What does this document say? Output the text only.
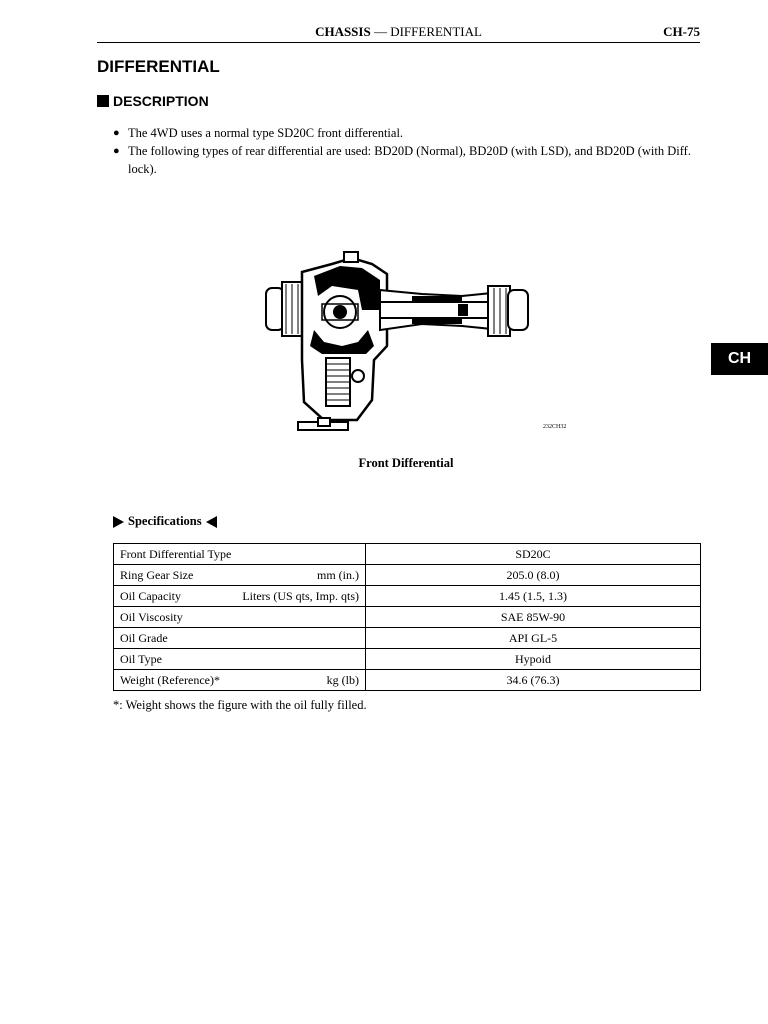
CHASSIS — DIFFERENTIAL	CH-75
DIFFERENTIAL
DESCRIPTION
● The 4WD uses a normal type SD20C front differential.
● The following types of rear differential are used: BD20D (Normal), BD20D (with LSD), and BD20D (with Diff. lock).
CH
232CH32
Front Differential
Specifications
Front Differential Type	SD20C

Ring Gear Size mm (in.)	205.0 (8.0)

Oil Capacity Liters (US qts, Imp. qts)	1.45 (1.5, 1.3)

Oil Viscosity	SAE 85W-90

Oil Grade	API GL-5

Oil Type	Hypoid

Weight (Reference)* kg (lb)	34.6 (76.3)
*: Weight shows the figure with the oil fully filled.
